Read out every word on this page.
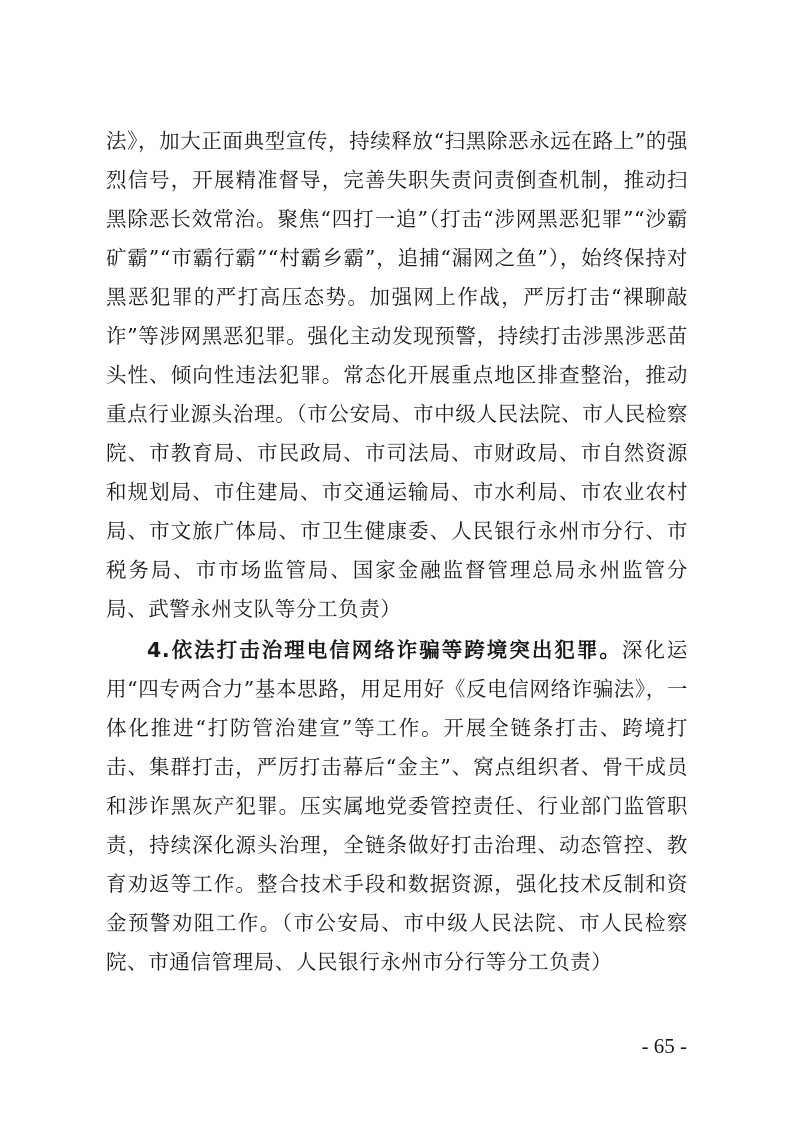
法》，加大正面典型宣传，持续释放“扫黑除恶永远在路上”的强烈信号，开展精准督导，完善失职失责问责倒查机制，推动扫黑除恶长效常治。聚焦“四打一追”（打击“涉网黑恶犯罪”“沙霸矿霸”“市霸行霸”“村霸乡霸”，追捕“漏网之鱼”），始终保持对黑恶犯罪的严打高压态势。加强网上作战，严厉打击“裸聊敲诈”等涉网黑恶犯罪。强化主动发现预警，持续打击涉黑涉恶苗头性、倾向性违法犯罪。常态化开展重点地区排查整治，推动重点行业源头治理。（市公安局、市中级人民法院、市人民检察院、市教育局、市民政局、市司法局、市财政局、市自然资源和规划局、市住建局、市交通运输局、市水利局、市农业农村局、市文旅广体局、市卫生健康委、人民银行永州市分行、市税务局、市市场监管局、国家金融监督管理总局永州监管分局、武警永州支队等分工负责）

4.依法打击治理电信网络诈骗等跨境突出犯罪。深化运用“四专两合力”基本思路，用足用好《反电信网络诈骗法》，一体化推进“打防管治建宣”等工作。开展全链条打击、跨境打击、集群打击，严厉打击幕后“金主”、窝点组织者、骨干成员和涉诈黑灰产犯罪。压实属地党委管控责任、行业部门监管职责，持续深化源头治理，全链条做好打击治理、动态管控、教育劝返等工作。整合技术手段和数据资源，强化技术反制和资金预警劝阻工作。（市公安局、市中级人民法院、市人民检察院、市通信管理局、人民银行永州市分行等分工负责）

- 65 -
